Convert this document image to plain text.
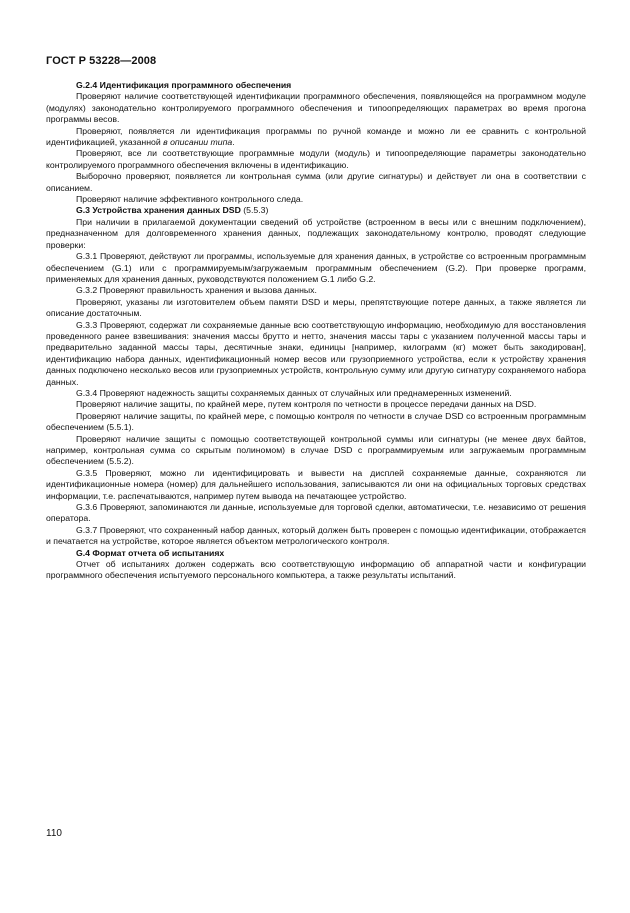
ГОСТ Р 53228—2008

G.2.4 Идентификация программного обеспечения

Проверяют наличие соответствующей идентификации программного обеспечения, появляющейся на программном модуле (модулях) законодательно контролируемого программного обеспечения и типоопределяющих параметрах во время прогона программы весов.

Проверяют, появляется ли идентификация программы по ручной команде и можно ли ее сравнить с контрольной идентификацией, указанной в описании типа.

Проверяют, все ли соответствующие программные модули (модуль) и типоопределяющие параметры законодательно контролируемого программного обеспечения включены в идентификацию.

Выборочно проверяют, появляется ли контрольная сумма (или другие сигнатуры) и действует ли она в соответствии с описанием.

Проверяют наличие эффективного контрольного следа.

G.3 Устройства хранения данных DSD (5.5.3)

При наличии в прилагаемой документации сведений об устройстве (встроенном в весы или с внешним подключением), предназначенном для долговременного хранения данных, подлежащих законодательному контролю, проводят следующие проверки:

G.3.1 Проверяют, действуют ли программы, используемые для хранения данных, в устройстве со встроенным программным обеспечением (G.1) или с программируемым/загружаемым программным обеспечением (G.2). При проверке программ, применяемых для хранения данных, руководствуются положением G.1 либо G.2.

G.3.2 Проверяют правильность хранения и вызова данных.

Проверяют, указаны ли изготовителем объем памяти DSD и меры, препятствующие потере данных, а также является ли описание достаточным.

G.3.3 Проверяют, содержат ли сохраняемые данные всю соответствующую информацию, необходимую для восстановления проведенного ранее взвешивания: значения массы брутто и нетто, значения массы тары с указанием полученной массы тары и предварительно заданной массы тары, десятичные знаки, единицы [например, килограмм (кг) может быть закодирован], идентификацию набора данных, идентификационный номер весов или грузоприемного устройства, если к устройству хранения данных подключено несколько весов или грузоприемных устройств, контрольную сумму или другую сигнатуру сохраняемого набора данных.

G.3.4 Проверяют надежность защиты сохраняемых данных от случайных или преднамеренных изменений.

Проверяют наличие защиты, по крайней мере, путем контроля по четности в процессе передачи данных на DSD.

Проверяют наличие защиты, по крайней мере, с помощью контроля по четности в случае DSD со встроенным программным обеспечением (5.5.1).

Проверяют наличие защиты с помощью соответствующей контрольной суммы или сигнатуры (не менее двух байтов, например, контрольная сумма со скрытым полиномом) в случае DSD с программируемым или загружаемым программным обеспечением (5.5.2).

G.3.5 Проверяют, можно ли идентифицировать и вывести на дисплей сохраняемые данные, сохраняются ли идентификационные номера (номер) для дальнейшего использования, записываются ли они на официальных торговых средствах информации, т.е. распечатываются, например путем вывода на печатающее устройство.

G.3.6 Проверяют, запоминаются ли данные, используемые для торговой сделки, автоматически, т.е. независимо от решения оператора.

G.3.7 Проверяют, что сохраненный набор данных, который должен быть проверен с помощью идентификации, отображается и печатается на устройстве, которое является объектом метрологического контроля.

G.4 Формат отчета об испытаниях

Отчет об испытаниях должен содержать всю соответствующую информацию об аппаратной части и конфигурации программного обеспечения испытуемого персонального компьютера, а также результаты испытаний.

110
